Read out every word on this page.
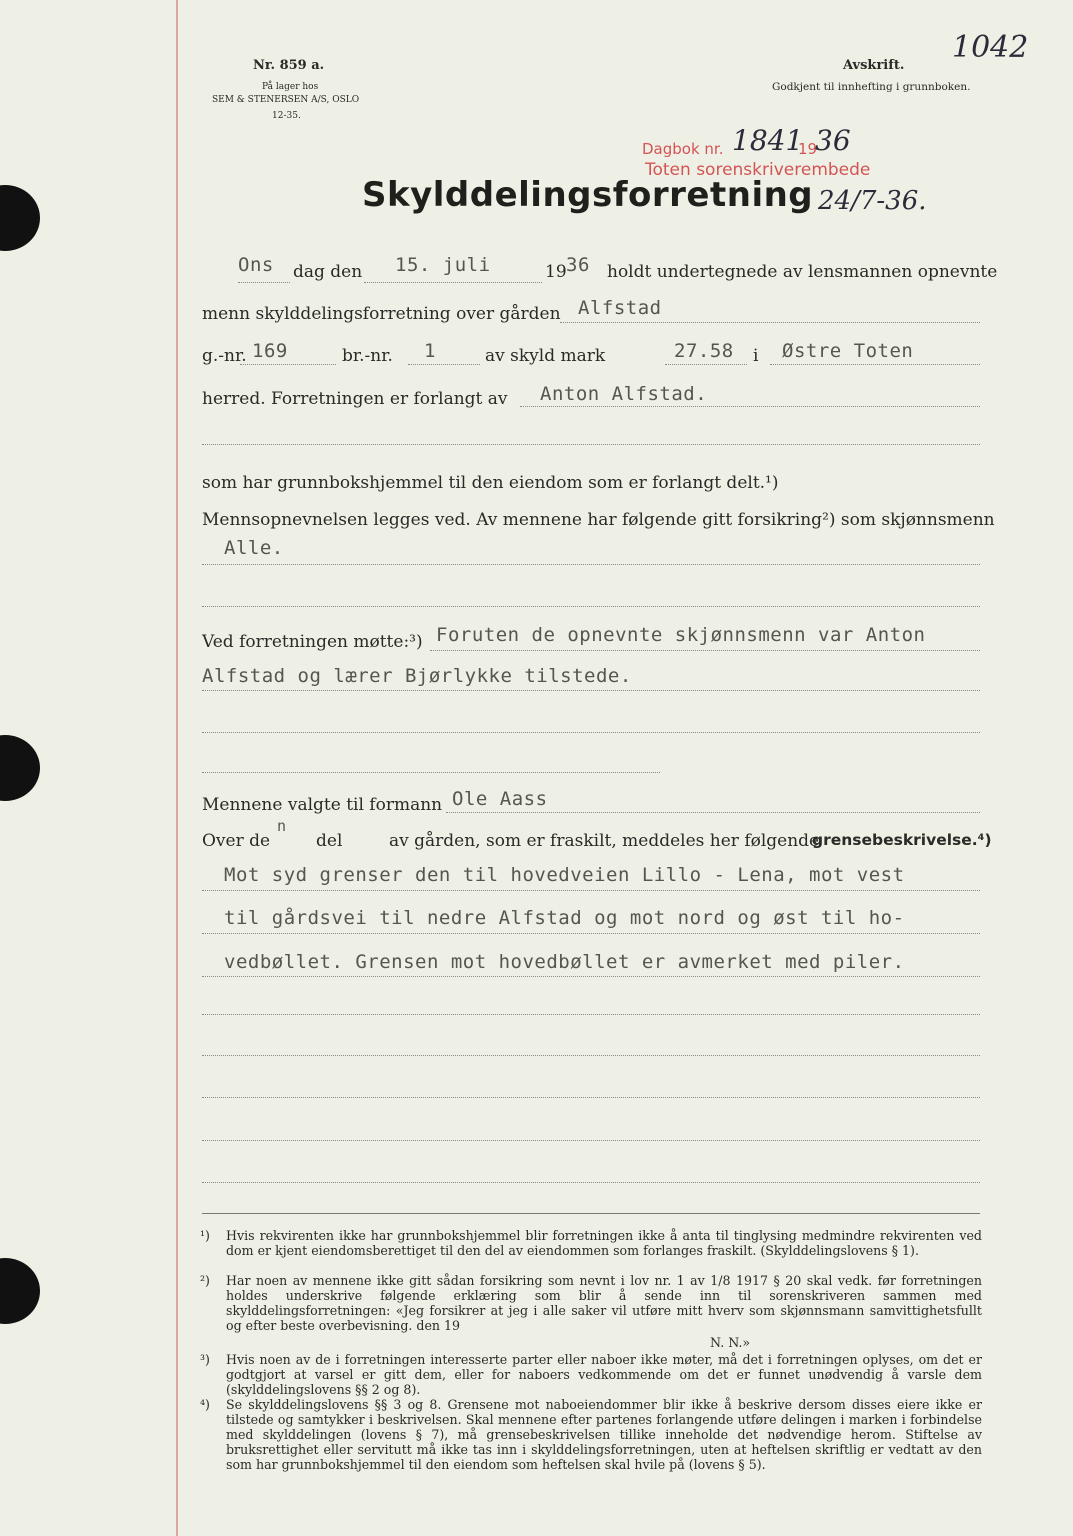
Nr. 859 a.
På lager hos
SEM & STENERSEN A/S, OSLO
12-35.
Avskrift.
Godkjent til innhefting i grunnboken.
1042
Dagbok nr. 1841
19
36
Toten sorenskriverembede
Skylddelingsforretning 24/7-36.
Ons dag den 15. juli	19 36 holdt undertegnede av lensmannen opnevnte
menn skylddelingsforretning over gården Alfstad
g.-nr. 169	br.-nr. 1	av skyld mark	27.58 i Østre Toten
herred. Forretningen er forlangt av Anton Alfstad.
som har grunnbokshjemmel til den eiendom som er forlangt delt.¹)
Mennsopnevnelsen legges ved. Av mennene har følgende gitt forsikring²) som skjønnsmenn
Alle.
Ved forretningen møtte:³) Foruten de opnevnte skjønnsmenn var Anton
Alfstad og lærer Bjørlykke tilstede.
Mennene valgte til formann Ole Aass
Over de
n
del	av gården, som er fraskilt, meddeles her følgende
grensebeskrivelse.⁴)
Mot syd grenser den til hovedveien Lillo - Lena, mot vest
til gårdsvei til nedre Alfstad og mot nord og øst til ho-
vedbøllet. Grensen mot hovedbøllet er avmerket med piler.
¹) Hvis rekvirenten ikke har grunnbokshjemmel blir forretningen ikke å anta til tinglysing medmindre rekvirenten ved dom er kjent eiendomsberettiget til den del av eiendommen som forlanges fraskilt. (Skylddelingslovens § 1).
²) Har noen av mennene ikke gitt sådan forsikring som nevnt i lov nr. 1 av 1/8 1917 § 20 skal vedk. før forretningen holdes underskrive følgende erklæring som blir å sende inn til sorenskriveren sammen med skylddelingsforretningen: «Jeg forsikrer at jeg i alle saker vil utføre mitt hverv som skjønnsmann samvittighetsfullt og efter beste overbevisning. den 19
N. N.»
³) Hvis noen av de i forretningen interesserte parter eller naboer ikke møter, må det i forretningen oplyses, om det er godtgjort at varsel er gitt dem, eller for naboers vedkommende om det er funnet unødvendig å varsle dem (skylddelingslovens §§ 2 og 8).
⁴) Se skylddelingslovens §§ 3 og 8. Grensene mot naboeiendommer blir ikke å beskrive dersom disses eiere ikke er tilstede og samtykker i beskrivelsen. Skal mennene efter partenes forlangende utføre delingen i marken i forbindelse med skylddelingen (lovens § 7), må grensebeskrivelsen tillike inneholde det nødvendige herom. Stiftelse av bruksrettighet eller servitutt må ikke tas inn i skylddelingsforretningen, uten at heftelsen skriftlig er vedtatt av den som har grunnbokshjemmel til den eiendom som heftelsen skal hvile på (lovens § 5).
